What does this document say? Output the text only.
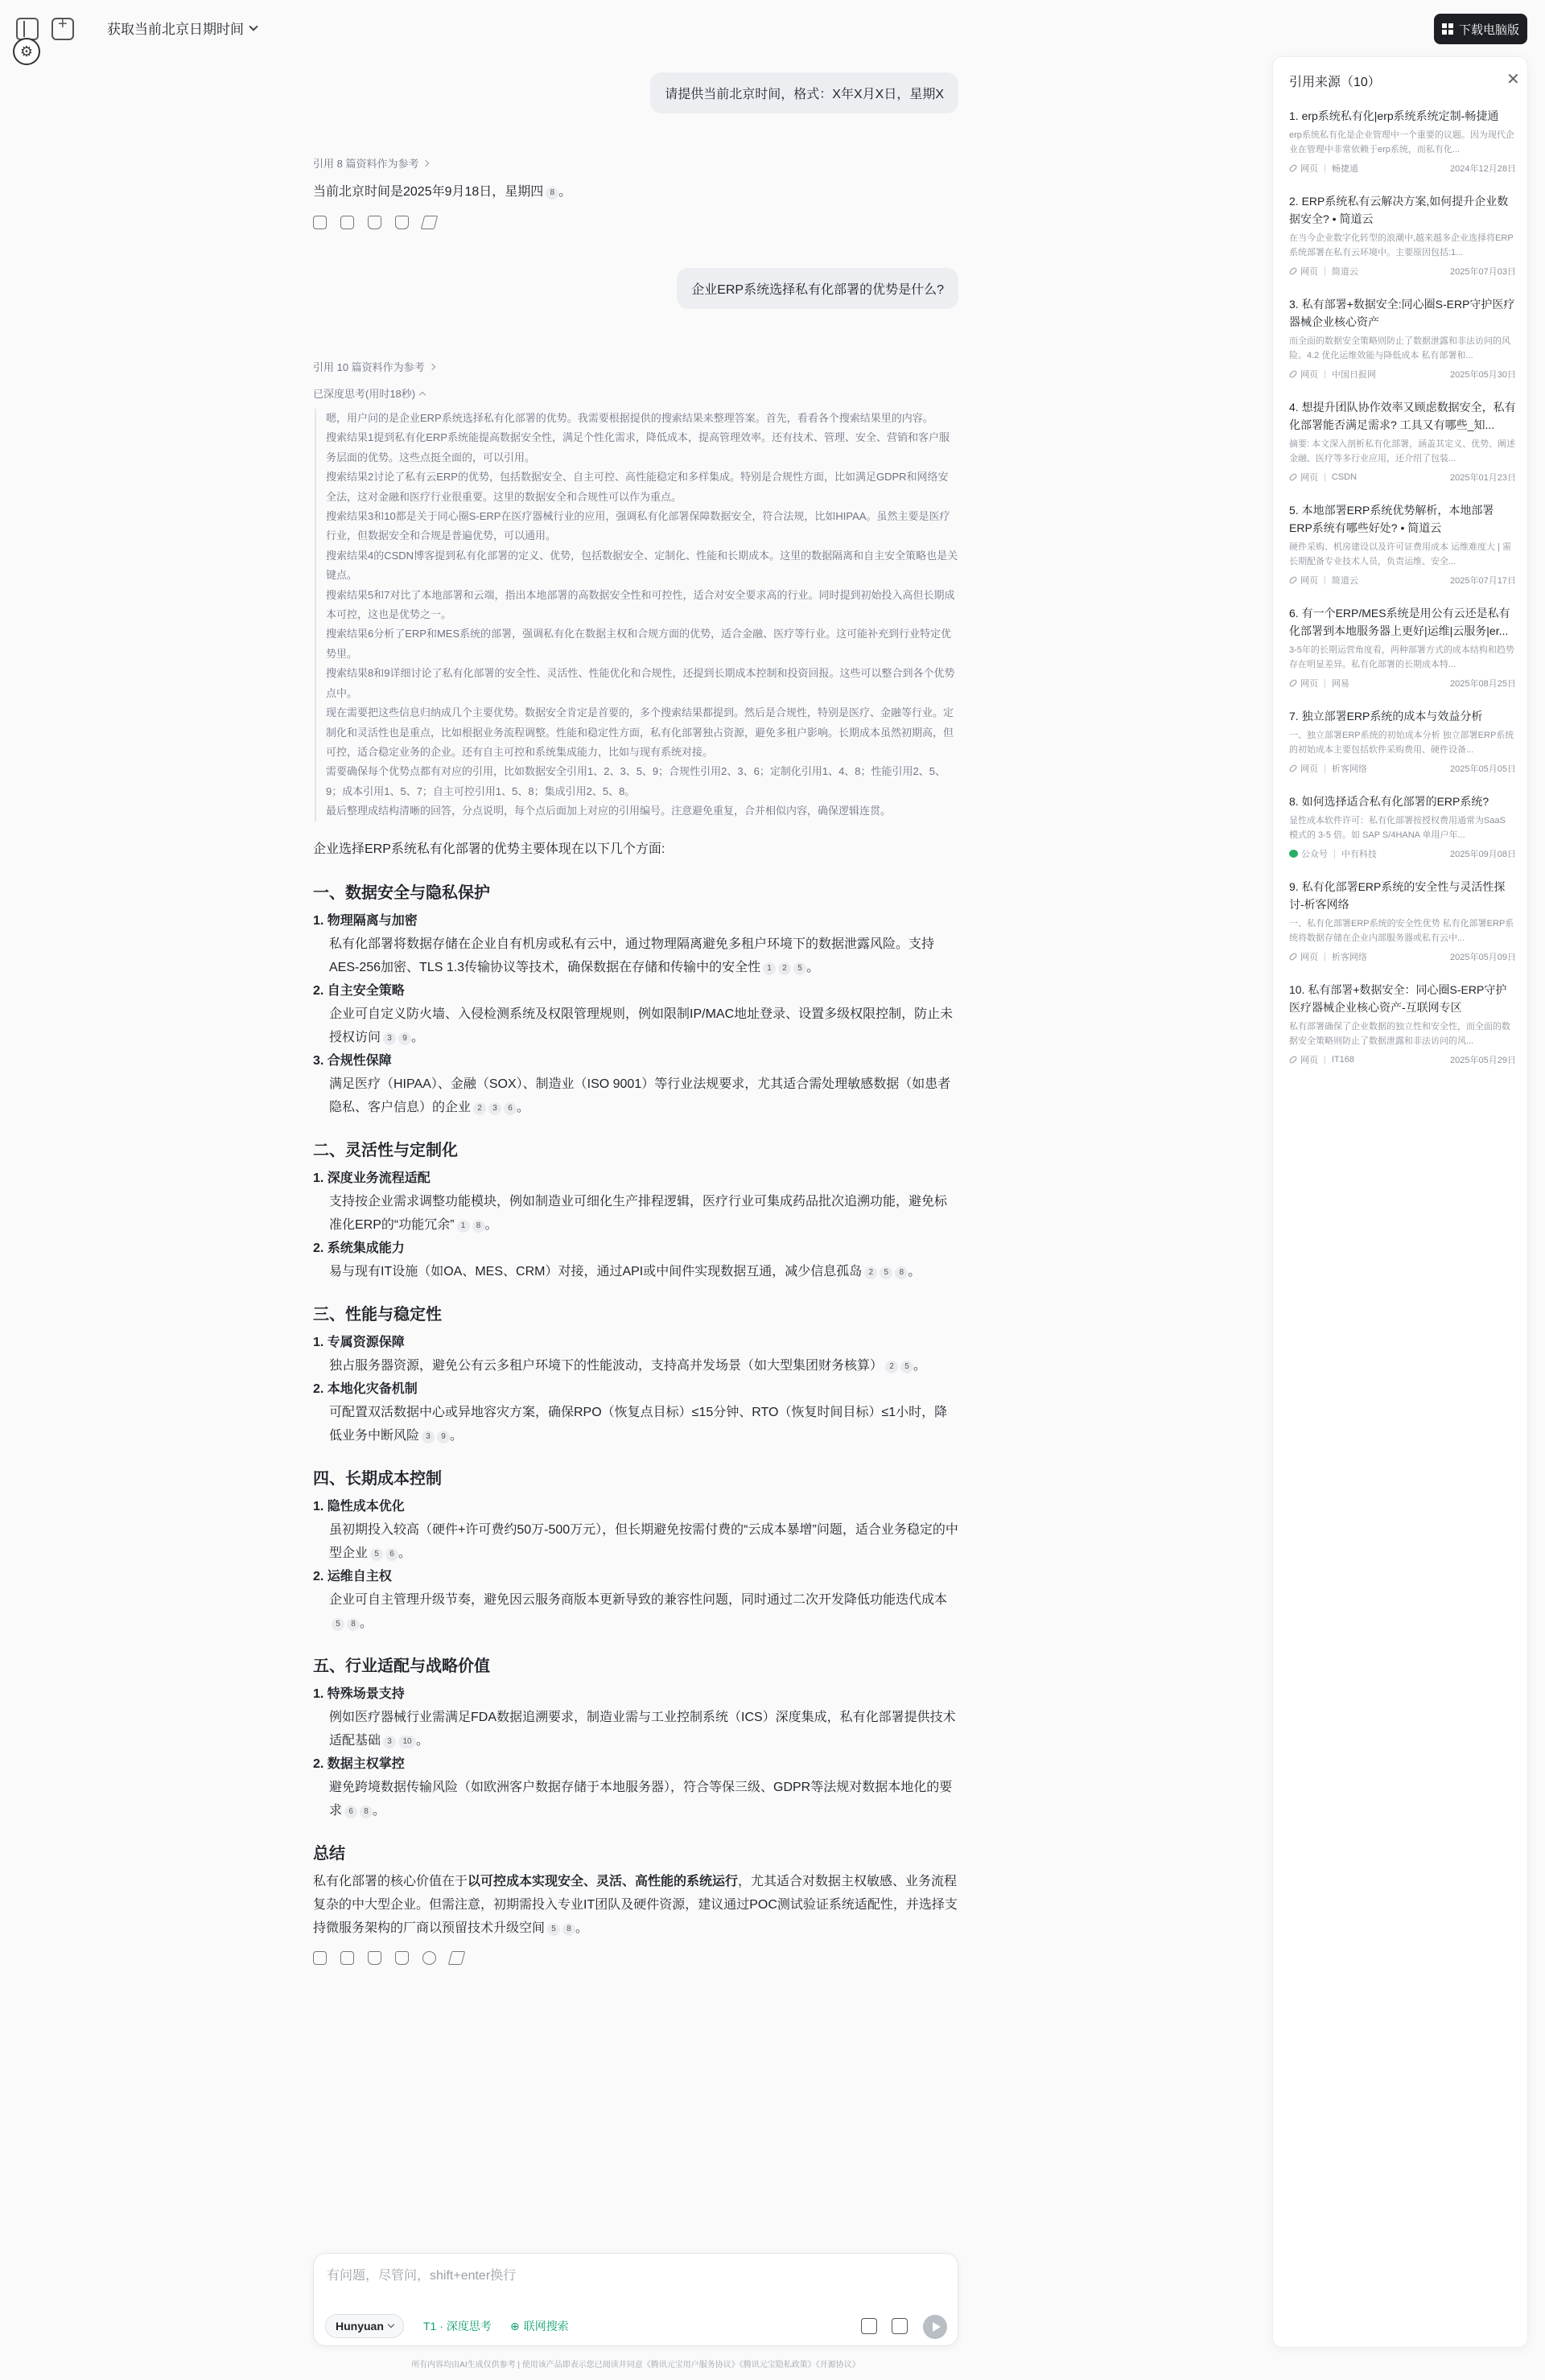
+
获取当前北京日期时间
⚙
下载电脑版
请提供当前北京时间，格式：X年X月X日，星期X
引用 8 篇资料作为参考
当前北京时间是2025年9月18日，星期四 8 。
企业ERP系统选择私有化部署的优势是什么?
引用 10 篇资料作为参考
已深度思考(用时18秒)

嗯，用户问的是企业ERP系统选择私有化部署的优势。我需要根据提供的搜索结果来整理答案。首先，看看各个搜索结果里的内容。

搜索结果1提到私有化ERP系统能提高数据安全性，满足个性化需求，降低成本，提高管理效率。还有技术、管理、安全、营销和客户服务层面的优势。这些点挺全面的，可以引用。

搜索结果2讨论了私有云ERP的优势，包括数据安全、自主可控、高性能稳定和多样集成。特别是合规性方面，比如满足GDPR和网络安全法，这对金融和医疗行业很重要。这里的数据安全和合规性可以作为重点。

搜索结果3和10都是关于同心圈S-ERP在医疗器械行业的应用，强调私有化部署保障数据安全，符合法规，比如HIPAA。虽然主要是医疗行业，但数据安全和合规是普遍优势，可以通用。

搜索结果4的CSDN博客提到私有化部署的定义、优势，包括数据安全、定制化、性能和长期成本。这里的数据隔离和自主安全策略也是关键点。

搜索结果5和7对比了本地部署和云端，指出本地部署的高数据安全性和可控性，适合对安全要求高的行业。同时提到初始投入高但长期成本可控，这也是优势之一。

搜索结果6分析了ERP和MES系统的部署，强调私有化在数据主权和合规方面的优势，适合金融、医疗等行业。这可能补充到行业特定优势里。

搜索结果8和9详细讨论了私有化部署的安全性、灵活性、性能优化和合规性，还提到长期成本控制和投资回报。这些可以整合到各个优势点中。

现在需要把这些信息归纳成几个主要优势。数据安全肯定是首要的，多个搜索结果都提到。然后是合规性，特别是医疗、金融等行业。定制化和灵活性也是重点，比如根据业务流程调整。性能和稳定性方面，私有化部署独占资源，避免多租户影响。长期成本虽然初期高，但可控，适合稳定业务的企业。还有自主可控和系统集成能力，比如与现有系统对接。

需要确保每个优势点都有对应的引用，比如数据安全引用1、2、3、5、9；合规性引用2、3、6；定制化引用1、4、8；性能引用2、5、9；成本引用1、5、7；自主可控引用1、5、8；集成引用2、5、8。

最后整理成结构清晰的回答，分点说明，每个点后面加上对应的引用编号。注意避免重复，合并相似内容，确保逻辑连贯。

企业选择ERP系统私有化部署的优势主要体现在以下几个方面:
一、数据安全与隐私保护
1. 物理隔离与加密
私有化部署将数据存储在企业自有机房或私有云中，通过物理隔离避免多租户环境下的数据泄露风险。支持AES-256加密、TLS 1.3传输协议等技术，确保数据在存储和传输中的安全性 1 2 5 。
2. 自主安全策略
企业可自定义防火墙、入侵检测系统及权限管理规则，例如限制IP/MAC地址登录、设置多级权限控制，防止未授权访问 3 9 。
3. 合规性保障
满足医疗（HIPAA）、金融（SOX）、制造业（ISO 9001）等行业法规要求，尤其适合需处理敏感数据（如患者隐私、客户信息）的企业 2 3 6 。
二、灵活性与定制化
1. 深度业务流程适配
支持按企业需求调整功能模块，例如制造业可细化生产排程逻辑，医疗行业可集成药品批次追溯功能，避免标准化ERP的“功能冗余” 1 8 。
2. 系统集成能力
易与现有IT设施（如OA、MES、CRM）对接，通过API或中间件实现数据互通，减少信息孤岛 2 5 8 。
三、性能与稳定性
1. 专属资源保障
独占服务器资源，避免公有云多租户环境下的性能波动，支持高并发场景（如大型集团财务核算） 2 5 。
2. 本地化灾备机制
可配置双活数据中心或异地容灾方案，确保RPO（恢复点目标）≤15分钟、RTO（恢复时间目标）≤1小时，降低业务中断风险 3 9 。
四、长期成本控制
1. 隐性成本优化
虽初期投入较高（硬件+许可费约50万-500万元），但长期避免按需付费的“云成本暴增”问题，适合业务稳定的中型企业 5 6 。
2. 运维自主权
企业可自主管理升级节奏，避免因云服务商版本更新导致的兼容性问题，同时通过二次开发降低功能迭代成本5 8 。
五、行业适配与战略价值
1. 特殊场景支持
例如医疗器械行业需满足FDA数据追溯要求，制造业需与工业控制系统（ICS）深度集成，私有化部署提供技术适配基础 3 10 。
2. 数据主权掌控
避免跨境数据传输风险（如欧洲客户数据存储于本地服务器），符合等保三级、GDPR等法规对数据本地化的要求 6 8 。
总结
私有化部署的核心价值在于以可控成本实现安全、灵活、高性能的系统运行，尤其适合对数据主权敏感、业务流程复杂的中大型企业。但需注意，初期需投入专业IT团队及硬件资源，建议通过POC测试验证系统适配性，并选择支持微服务架构的厂商以预留技术升级空间 5 8 。
有问题，尽管问，shift+enter换行
Hunyuan	T1 · 深度思考 ⊕ 联网搜索
所有内容均由AI生成仅供参考 | 使用该产品即表示您已阅读并同意《腾讯元宝用户服务协议》《腾讯元宝隐私政策》《开源协议》
引用来源（10）	✕
1. erp系统私有化|erp系统系统定制-畅捷通
erp系统私有化是企业管理中一个重要的议题。因为现代企业在管理中非常依赖于erp系统，而私有化...
网页 | 畅捷通	2024年12月28日
2. ERP系统私有云解决方案,如何提升企业数据安全? • 简道云
在当今企业数字化转型的浪潮中,越来越多企业选择将ERP系统部署在私有云环境中。主要原因包括:1...
网页 | 简道云	2025年07月03日
3. 私有部署+数据安全:同心圈S-ERP守护医疗器械企业核心资产
而全面的数据安全策略则防止了数据泄露和非法访问的风险。4.2 优化运维效能与降低成本 私有部署和...
网页 | 中国日报网	2025年05月30日
4. 想提升团队协作效率又顾虑数据安全，私有化部署能否满足需求? 工具又有哪些_知...
摘要: 本文深入剖析私有化部署，涵盖其定义、优势、阐述金融、医疗等多行业应用，还介绍了包装...
网页 | CSDN	2025年01月23日
5. 本地部署ERP系统优势解析，本地部署ERP系统有哪些好处? • 简道云
硬件采购、机房建设以及许可证费用成本 运维难度大 | 需长期配备专业技术人员，负责运维、安全...
网页 | 简道云	2025年07月17日
6. 有一个ERP/MES系统是用公有云还是私有化部署到本地服务器上更好|运维|云服务|er...
3-5年的长期运营角度看，两种部署方式的成本结构和趋势存在明显差异。私有化部署的长期成本特...
网页 | 网易	2025年08月25日
7. 独立部署ERP系统的成本与效益分析
一、独立部署ERP系统的初始成本分析 独立部署ERP系统的初始成本主要包括软件采购费用、硬件设备...
网页 | 析客网络	2025年05月05日
8. 如何选择适合私有化部署的ERP系统?
显性成本软件许可：私有化部署按授权费用通常为SaaS 模式的 3-5 倍。如 SAP S/4HANA 单用户年...
公众号 | 中有科技	2025年09月08日
9. 私有化部署ERP系统的安全性与灵活性探讨-析客网络
一、私有化部署ERP系统的安全性优势 私有化部署ERP系统将数据存储在企业内部服务器或私有云中...
网页 | 析客网络	2025年05月09日
10. 私有部署+数据安全：同心圈S-ERP守护医疗器械企业核心资产-互联网专区
私有部署确保了企业数据的独立性和安全性，而全面的数据安全策略则防止了数据泄露和非法访问的风...
网页 | IT168	2025年05月29日
